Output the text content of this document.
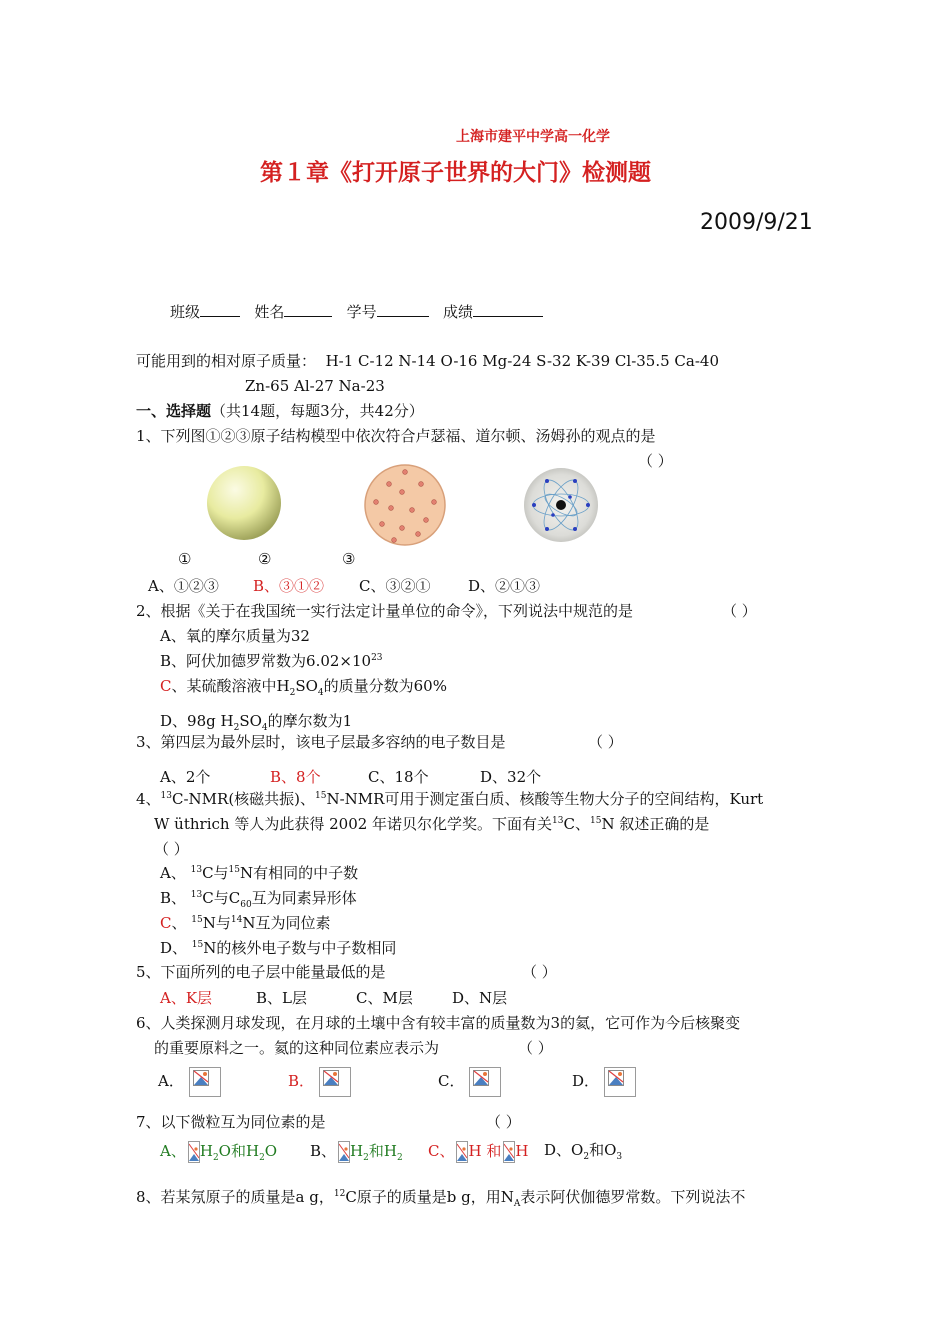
上海市建平中学高一化学
第１章《打开原子世界的大门》检测题
2009/9/21
班级	姓名	学号	成绩
可能用到的相对原子质量： H-1 C-12 N-14 O-16 Mg-24 S-32 K-39 Cl-35.5 Ca-40
Zn-65 Al-27 Na-23
一、选择题（共14题，每题3分，共42分）
1、下列图①②③原子结构模型中依次符合卢瑟福、道尔顿、汤姆孙的观点的是
（ ）
①	②	③
A、①②③ B、③①② C、③②①	D、②①③
2、根据《关于在我国统一实行法定计量单位的命令》，下列说法中规范的是	（ ）
A、氧的摩尔质量为32
B、阿伏加德罗常数为$6.02\times 10^{23}$
C、某硫酸溶液中$H_2SO_4$的质量分数为60%
D、98g $H_2SO_4$的摩尔数为1
3、第四层为最外层时，该电子层最多容纳的电子数目是	（ ）
A、2个	B、8个	C、18个	D、32个
4、$^{13}$C-NMR(核磁共振)、$^{15}$N-NMR可用于测定蛋白质、核酸等生物大分子的空间结构，Kurt
W üthrich 等人为此获得 2002 年诺贝尔化学奖。下面有关$^{13}$C、$^{15}$N 叙述正确的是
（ ）
A、 $^{13}$C与$^{15}$N有相同的中子数
B、 $^{13}$C与$C_{60}$互为同素异形体
C、 $^{15}$N与$^{14}$N互为同位素
D、 $^{15}$N的核外电子数与中子数相同
5、下面所列的电子层中能量最低的是	（ ）
A、K层	B、L层	C、M层	D、N层
6、人类探测月球发现，在月球的土壤中含有较丰富的质量数为3的氦，它可作为今后核聚变
的重要原料之一。氦的这种同位素应表示为	（ ）
A．	B．	C．	D．
7、以下微粒互为同位素的是	（ ）
A、 $H_2O$和$H_2O$ B、 $H_2$和$H_2$ C、 H 和 H D、$O_2$和$O_3$
8、若某氖原子的质量是a g，$^{12}$C原子的质量是b g，用$N_A$表示阿伏伽德罗常数。下列说法不
